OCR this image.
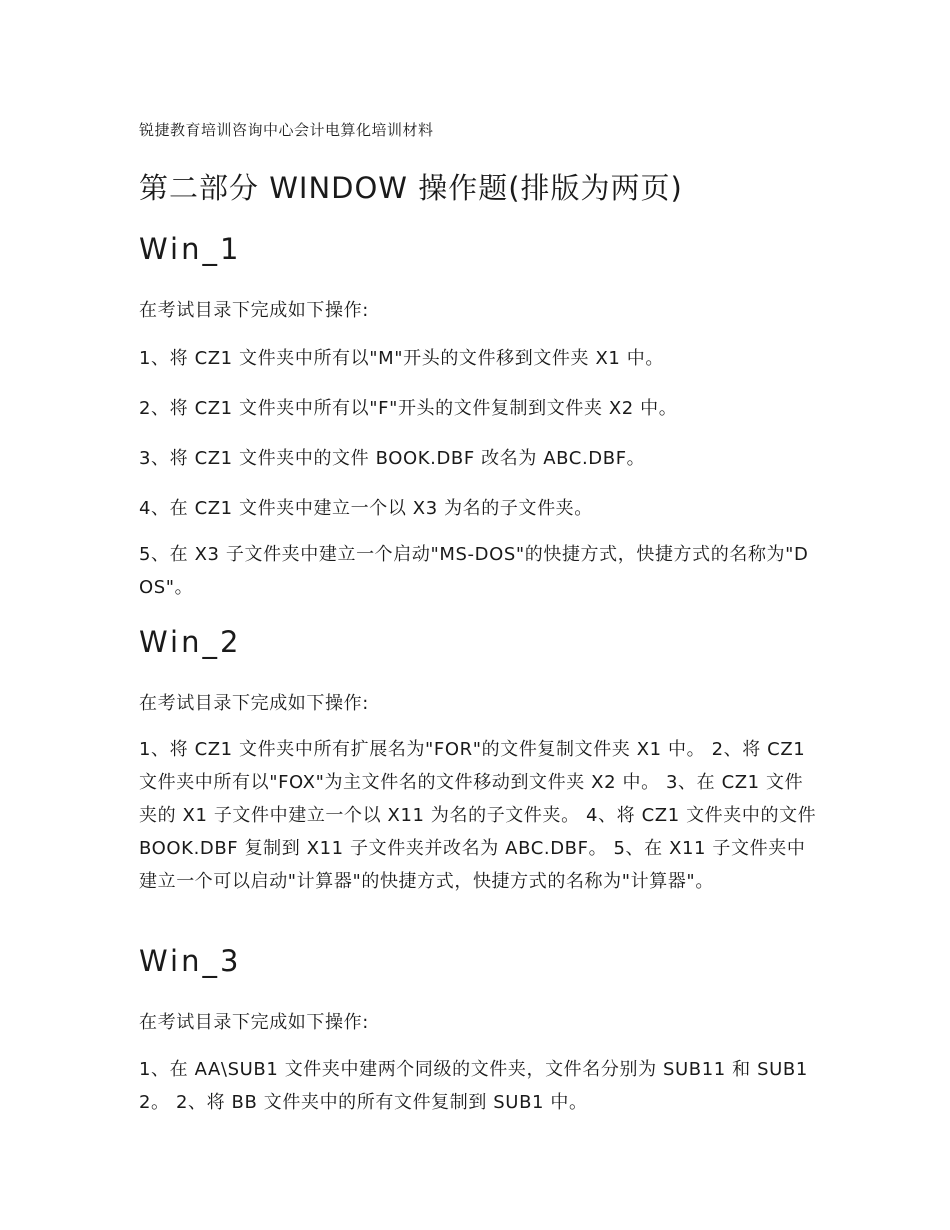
锐捷教育培训咨询中心会计电算化培训材料

第二部分 WINDOW 操作题(排版为两页)
Win_1

在考试目录下完成如下操作:

1、将 CZ1 文件夹中所有以"M"开头的文件移到文件夹 X1 中。

2、将 CZ1 文件夹中所有以"F"开头的文件复制到文件夹 X2 中。

3、将 CZ1 文件夹中的文件 BOOK.DBF 改名为 ABC.DBF。

4、在 CZ1 文件夹中建立一个以 X3 为名的子文件夹。

5、在 X3 子文件夹中建立一个启动"MS-DOS"的快捷方式，快捷方式的名称为"DOS"。

Win_2

在考试目录下完成如下操作:

1、将 CZ1 文件夹中所有扩展名为"FOR"的文件复制文件夹 X1 中。 2、将 CZ1 文件夹中所有以"FOX"为主文件名的文件移动到文件夹 X2 中。 3、在 CZ1 文件夹的 X1 子文件中建立一个以 X11 为名的子文件夹。 4、将 CZ1 文件夹中的文件 BOOK.DBF 复制到 X11 子文件夹并改名为 ABC.DBF。 5、在 X11 子文件夹中建立一个可以启动"计算器"的快捷方式，快捷方式的名称为"计算器"。

Win_3

在考试目录下完成如下操作:

1、在 AA\SUB1 文件夹中建两个同级的文件夹，文件名分别为 SUB11 和 SUB12。 2、将 BB 文件夹中的所有文件复制到 SUB1 中。
